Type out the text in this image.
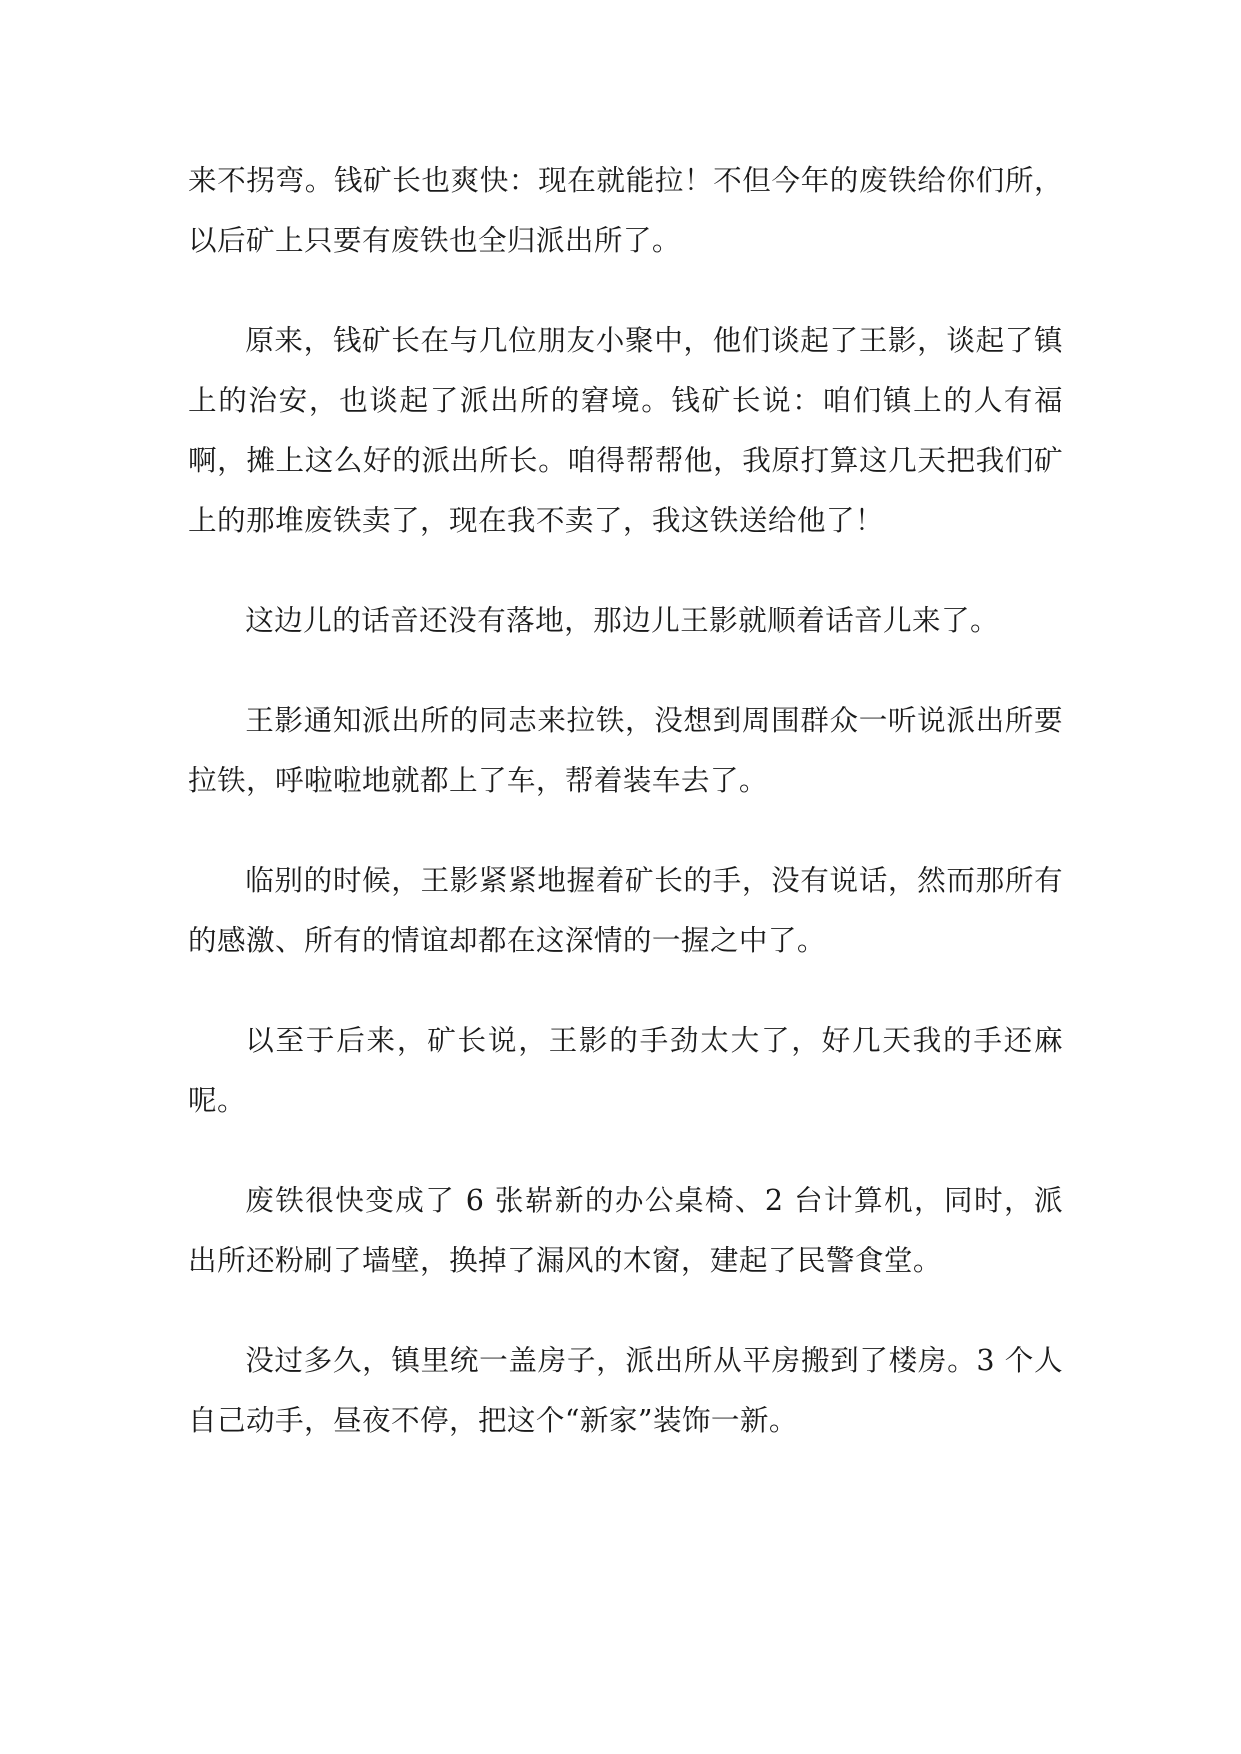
来不拐弯。钱矿长也爽快：现在就能拉！不但今年的废铁给你们所，以后矿上只要有废铁也全归派出所了。

原来，钱矿长在与几位朋友小聚中，他们谈起了王影，谈起了镇上的治安，也谈起了派出所的窘境。钱矿长说：咱们镇上的人有福啊，摊上这么好的派出所长。咱得帮帮他，我原打算这几天把我们矿上的那堆废铁卖了，现在我不卖了，我这铁送给他了！

这边儿的话音还没有落地，那边儿王影就顺着话音儿来了。

王影通知派出所的同志来拉铁，没想到周围群众一听说派出所要拉铁，呼啦啦地就都上了车，帮着装车去了。

临别的时候，王影紧紧地握着矿长的手，没有说话，然而那所有的感激、所有的情谊却都在这深情的一握之中了。

以至于后来，矿长说，王影的手劲太大了，好几天我的手还麻呢。

废铁很快变成了 6 张崭新的办公桌椅、2 台计算机，同时，派出所还粉刷了墙壁，换掉了漏风的木窗，建起了民警食堂。

没过多久，镇里统一盖房子，派出所从平房搬到了楼房。3 个人自己动手，昼夜不停，把这个“新家”装饰一新。
